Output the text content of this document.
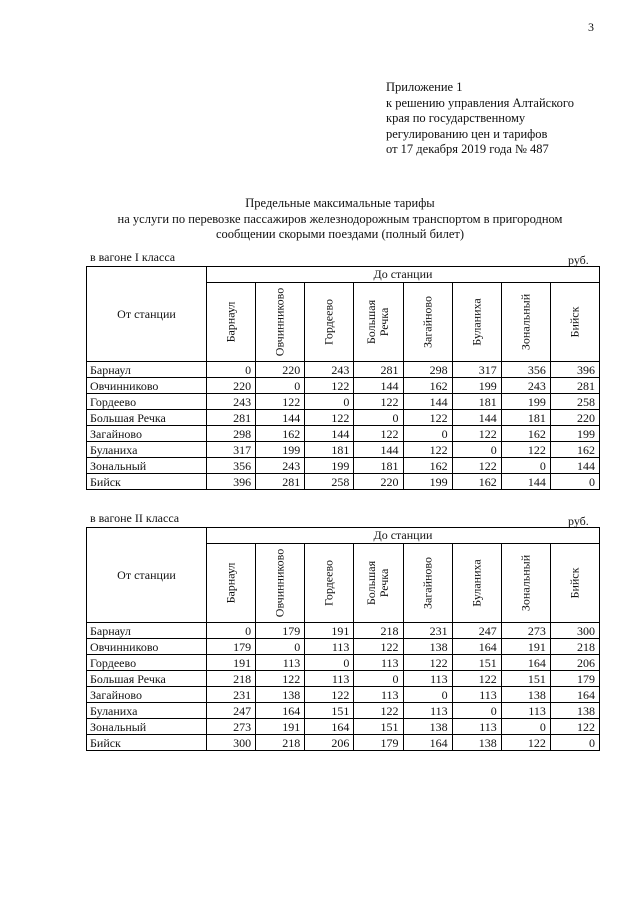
3
Приложение 1
к решению управления Алтайского
края по государственному
регулированию цен и тарифов
от 17 декабря 2019 года № 487
Предельные максимальные тарифы
на услуги по перевозке пассажиров железнодорожным транспортом в пригородном
сообщении скорыми поездами (полный билет)
в вагоне I класса	руб.
От станции	До станции							

	Барнаул	Овчинниково	Гордеево	Большая Речка	Загайново	Буланиха	Зональный	Бийск

Барнаул	0	220	243	281	298	317	356	396
Овчинниково	220	0	122	144	162	199	243	281
Гордеево	243	122	0	122	144	181	199	258
Большая Речка	281	144	122	0	122	144	181	220
Загайново	298	162	144	122	0	122	162	199
Буланиха	317	199	181	144	122	0	122	162
Зональный	356	243	199	181	162	122	0	144
Бийск	396	281	258	220	199	162	144	0
в вагоне II класса	руб.
От станции	До станции							

	Барнаул	Овчинниково	Гордеево	Большая Речка	Загайново	Буланиха	Зональный	Бийск

Барнаул	0	179	191	218	231	247	273	300
Овчинниково	179	0	113	122	138	164	191	218
Гордеево	191	113	0	113	122	151	164	206
Большая Речка	218	122	113	0	113	122	151	179
Загайново	231	138	122	113	0	113	138	164
Буланиха	247	164	151	122	113	0	113	138
Зональный	273	191	164	151	138	113	0	122
Бийск	300	218	206	179	164	138	122	0
